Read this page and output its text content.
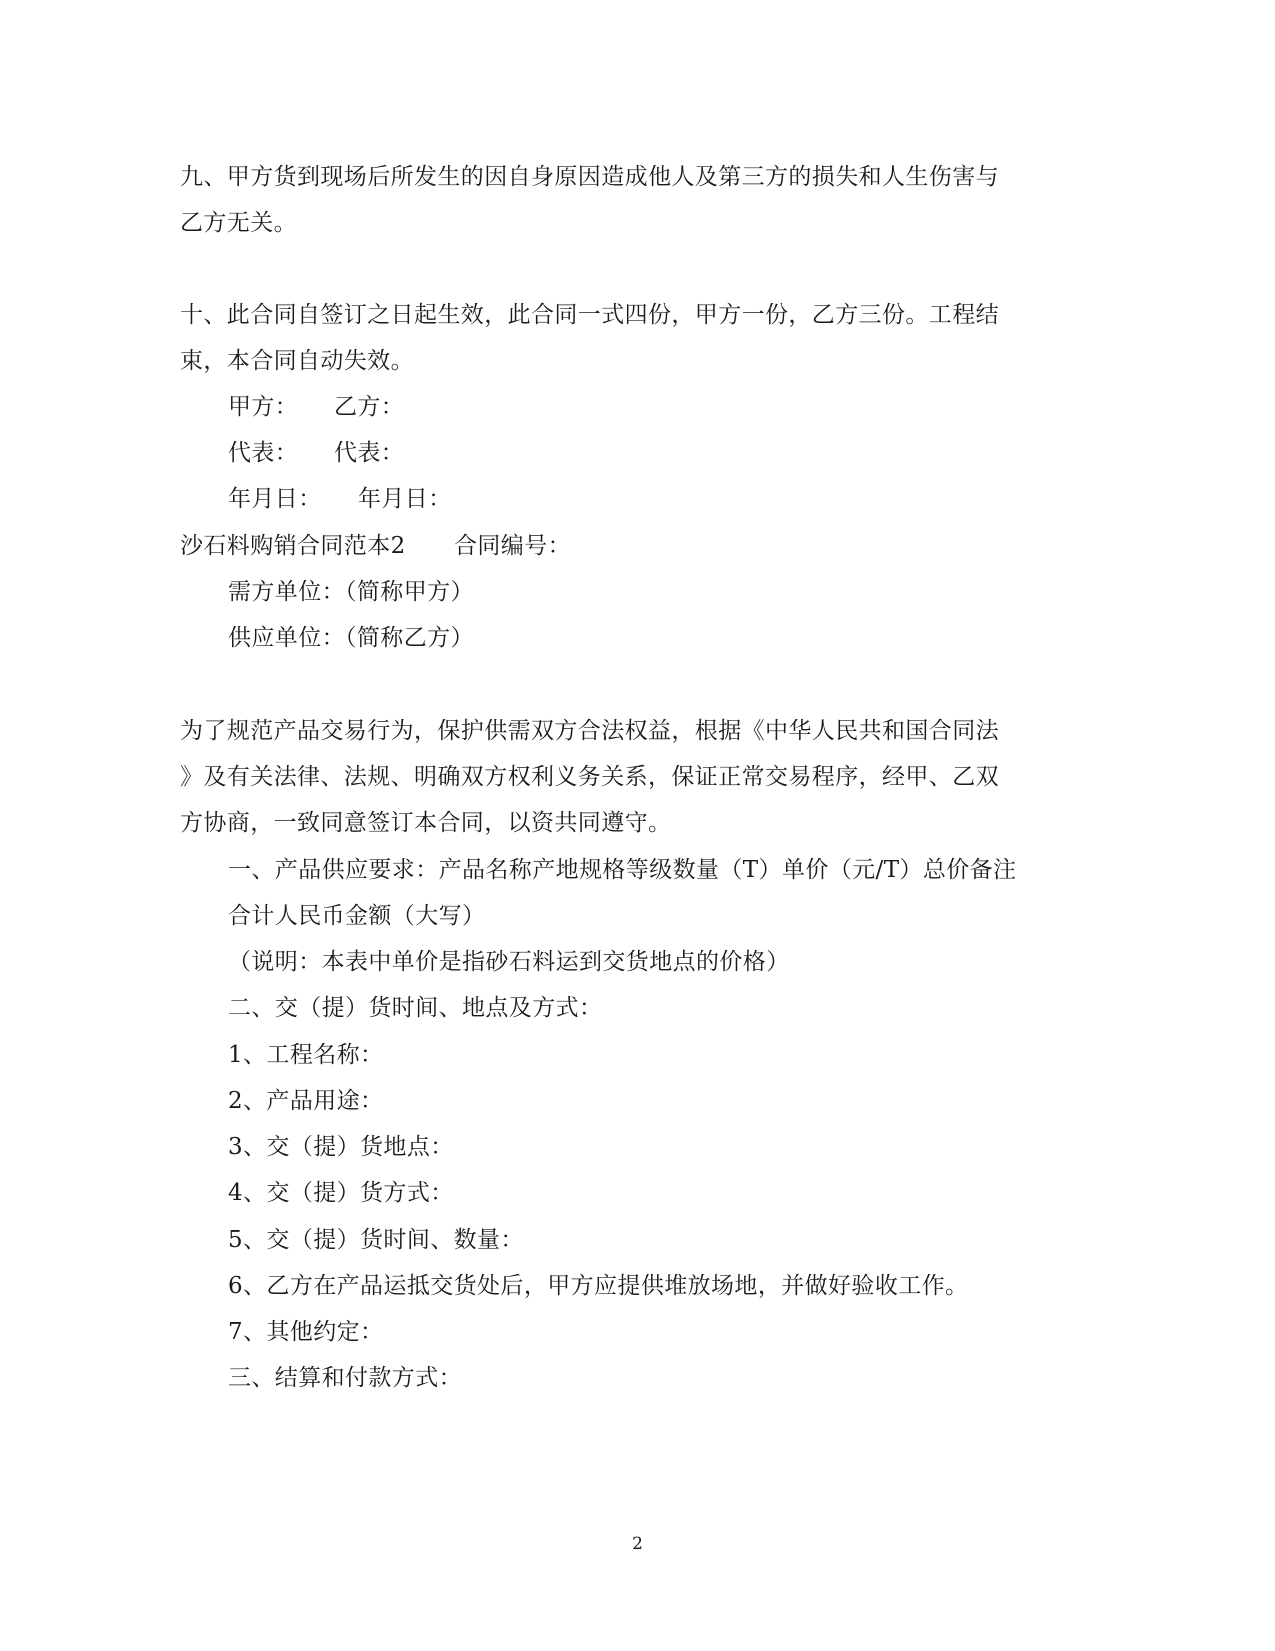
九、甲方货到现场后所发生的因自身原因造成他人及第三方的损失和人生伤害与
乙方无关。
十、此合同自签订之日起生效，此合同一式四份，甲方一份，乙方三份。工程结
束，本合同自动失效。
甲方： 乙方：
代表： 代表：
年月日： 年月日：
沙石料购销合同范本2 合同编号：
需方单位：（简称甲方）
供应单位：（简称乙方）
为了规范产品交易行为，保护供需双方合法权益，根据《中华人民共和国合同法
》及有关法律、法规、明确双方权利义务关系，保证正常交易程序，经甲、乙双
方协商，一致同意签订本合同，以资共同遵守。
一、产品供应要求：产品名称产地规格等级数量（T）单价（元/T）总价备注
合计人民币金额（大写）
（说明：本表中单价是指砂石料运到交货地点的价格）
二、交（提）货时间、地点及方式：
1、工程名称：
2、产品用途：
3、交（提）货地点：
4、交（提）货方式：
5、交（提）货时间、数量：
6、乙方在产品运抵交货处后，甲方应提供堆放场地，并做好验收工作。
7、其他约定：
三、结算和付款方式：
2
